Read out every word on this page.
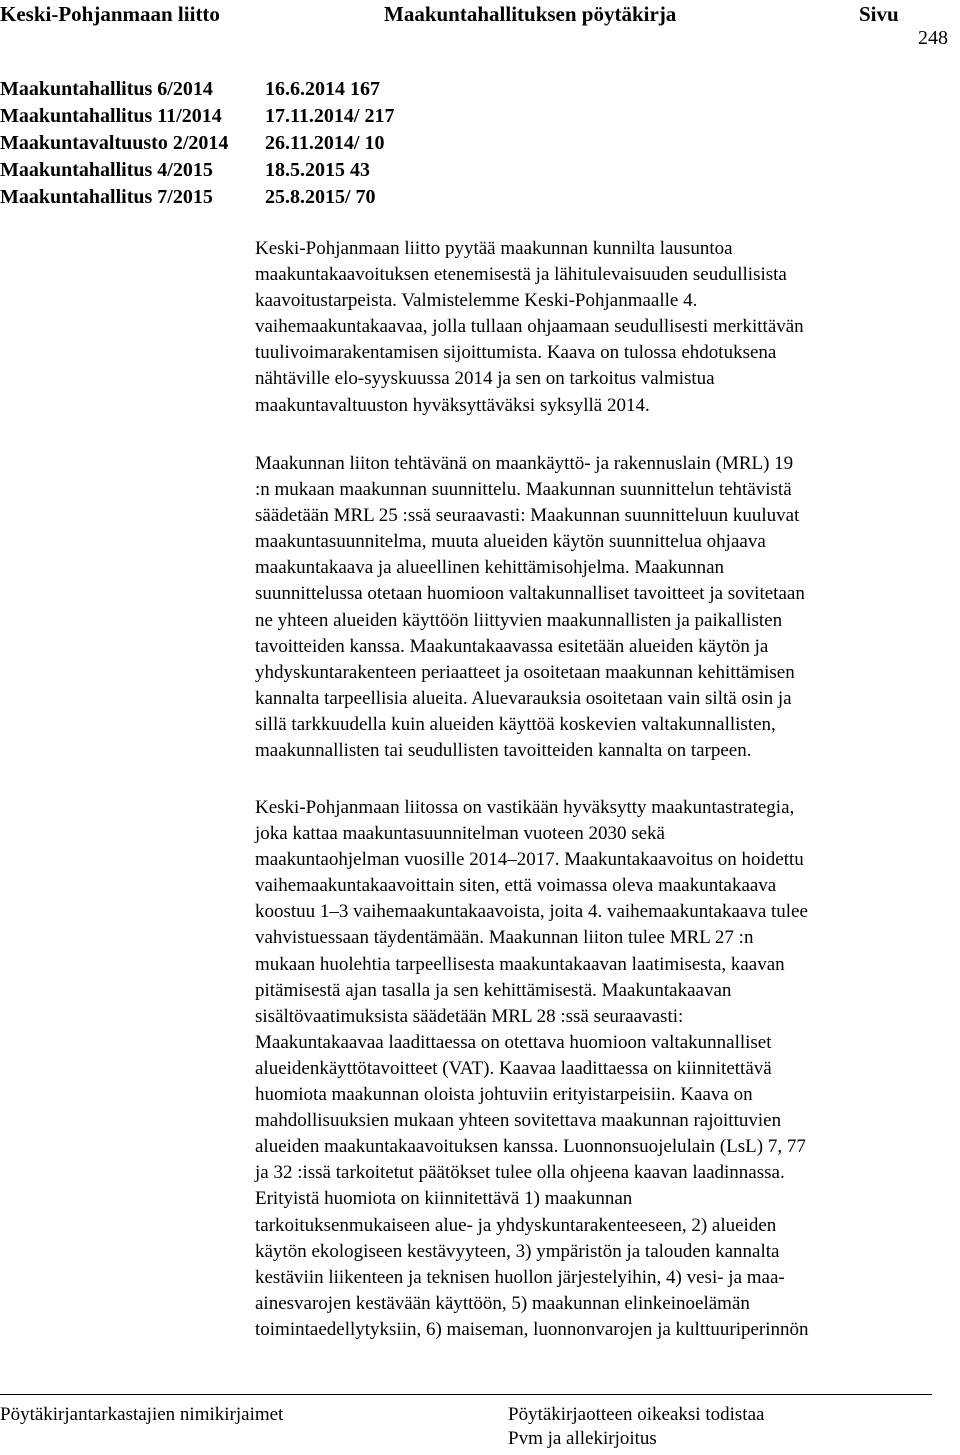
Keski-Pohjanmaan liitto	Maakuntahallituksen pöytäkirja	Sivu
248
Maakuntahallitus 6/2014	16.6.2014 167
Maakuntahallitus 11/2014 17.11.2014/ 217
Maakuntavaltuusto 2/2014 26.11.2014/ 10
Maakuntahallitus 4/2015	18.5.2015 43
Maakuntahallitus 7/2015	25.8.2015/ 70
Keski-Pohjanmaan liitto pyytää maakunnan kunnilta lausuntoa
maakuntakaavoituksen etenemisestä ja lähitulevaisuuden seudullisista
kaavoitustarpeista. Valmistelemme Keski-Pohjanmaalle 4.
vaihemaakuntakaavaa, jolla tullaan ohjaamaan seudullisesti merkittävän
tuulivoimarakentamisen sijoittumista. Kaava on tulossa ehdotuksena
nähtäville elo-syyskuussa 2014 ja sen on tarkoitus valmistua
maakuntavaltuuston hyväksyttäväksi syksyllä 2014.
Maakunnan liiton tehtävänä on maankäyttö- ja rakennuslain (MRL) 19
:n mukaan maakunnan suunnittelu. Maakunnan suunnittelun tehtävistä
säädetään MRL 25 :ssä seuraavasti: Maakunnan suunnitteluun kuuluvat
maakuntasuunnitelma, muuta alueiden käytön suunnittelua ohjaava
maakuntakaava ja alueellinen kehittämisohjelma. Maakunnan
suunnittelussa otetaan huomioon valtakunnalliset tavoitteet ja sovitetaan
ne yhteen alueiden käyttöön liittyvien maakunnallisten ja paikallisten
tavoitteiden kanssa. Maakuntakaavassa esitetään alueiden käytön ja
yhdyskuntarakenteen periaatteet ja osoitetaan maakunnan kehittämisen
kannalta tarpeellisia alueita. Aluevarauksia osoitetaan vain siltä osin ja
sillä tarkkuudella kuin alueiden käyttöä koskevien valtakunnallisten,
maakunnallisten tai seudullisten tavoitteiden kannalta on tarpeen.
Keski-Pohjanmaan liitossa on vastikään hyväksytty maakuntastrategia,
joka kattaa maakuntasuunnitelman vuoteen 2030 sekä
maakuntaohjelman vuosille 2014–2017. Maakuntakaavoitus on hoidettu
vaihemaakuntakaavoittain siten, että voimassa oleva maakuntakaava
koostuu 1–3 vaihemaakuntakaavoista, joita 4. vaihemaakuntakaava tulee
vahvistuessaan täydentämään. Maakunnan liiton tulee MRL 27 :n
mukaan huolehtia tarpeellisesta maakuntakaavan laatimisesta, kaavan
pitämisestä ajan tasalla ja sen kehittämisestä. Maakuntakaavan
sisältövaatimuksista säädetään MRL 28 :ssä seuraavasti:
Maakuntakaavaa laadittaessa on otettava huomioon valtakunnalliset
alueidenkäyttötavoitteet (VAT). Kaavaa laadittaessa on kiinnitettävä
huomiota maakunnan oloista johtuviin erityistarpeisiin. Kaava on
mahdollisuuksien mukaan yhteen sovitettava maakunnan rajoittuvien
alueiden maakuntakaavoituksen kanssa. Luonnonsuojelulain (LsL) 7, 77
ja 32 :issä tarkoitetut päätökset tulee olla ohjeena kaavan laadinnassa.
Erityistä huomiota on kiinnitettävä 1) maakunnan
tarkoituksenmukaiseen alue- ja yhdyskuntarakenteeseen, 2) alueiden
käytön ekologiseen kestävyyteen, 3) ympäristön ja talouden kannalta
kestäviin liikenteen ja teknisen huollon järjestelyihin, 4) vesi- ja maa-
ainesvarojen kestävään käyttöön, 5) maakunnan elinkeinoelämän
toimintaedellytyksiin, 6) maiseman, luonnonvarojen ja kulttuuriperinnön
Pöytäkirjantarkastajien nimikirjaimet	Pöytäkirjaotteen oikeaksi todistaa
Pvm ja allekirjoitus
